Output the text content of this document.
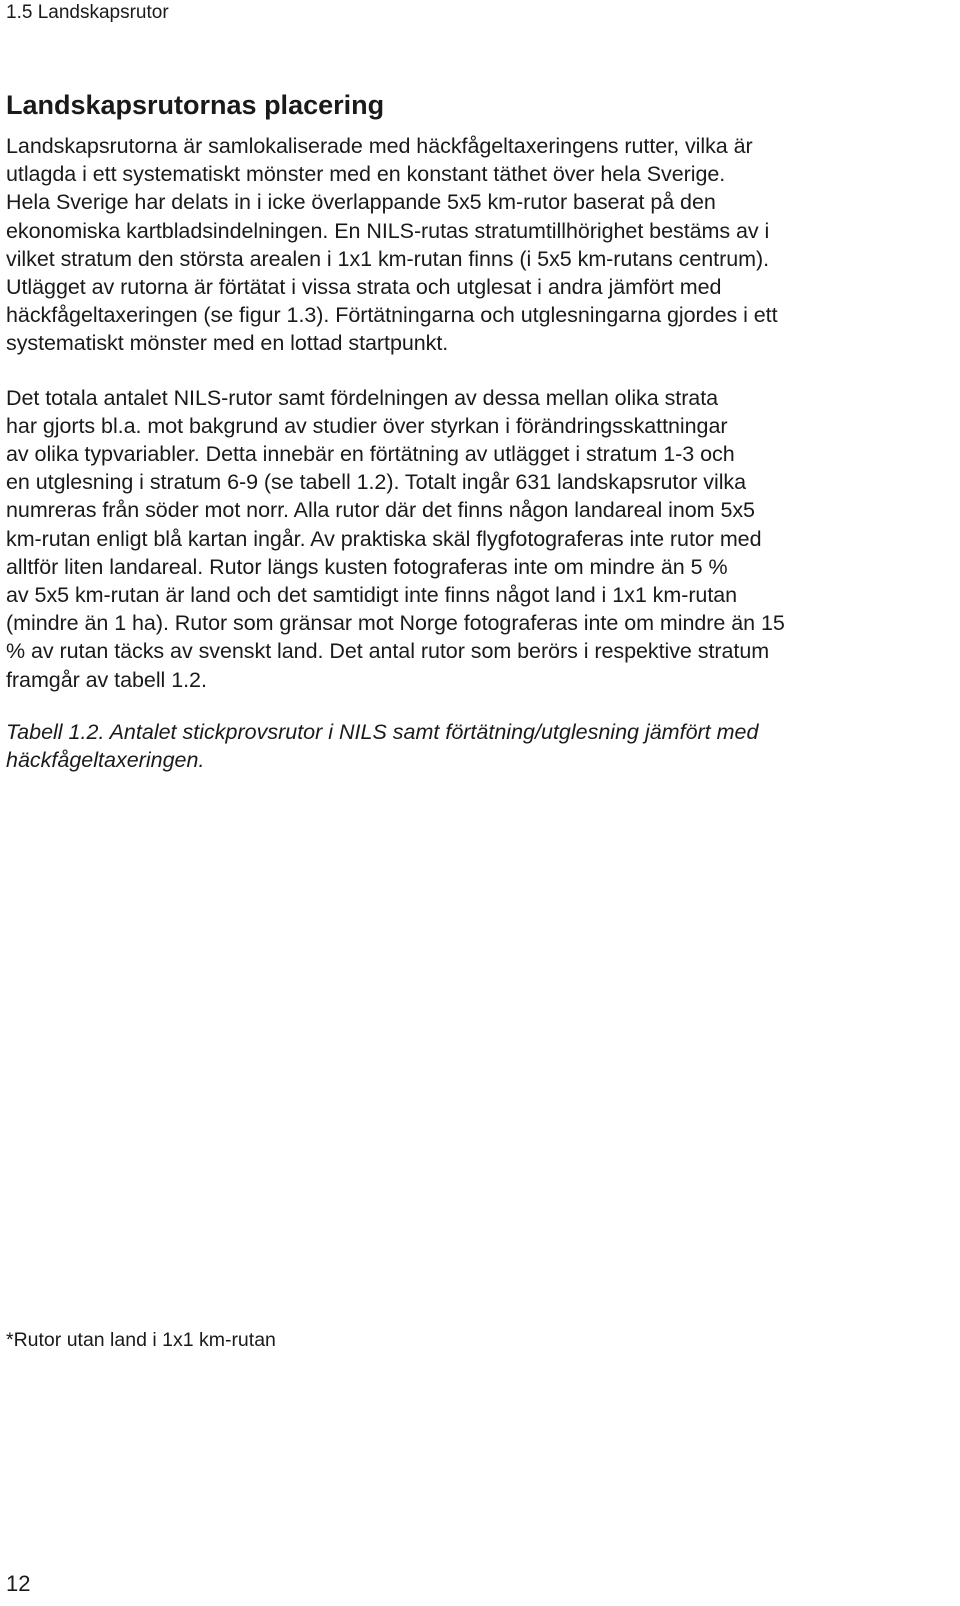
1.5 Landskapsrutor
Landskapsrutornas placering

Landskapsrutorna är samlokaliserade med häckfågeltaxeringens rutter, vilka är
utlagda i ett systematiskt mönster med en konstant täthet över hela Sverige.
Hela Sverige har delats in i icke överlappande 5x5 km-rutor baserat på den
ekonomiska kartbladsindelningen. En NILS-rutas stratumtillhörighet bestäms av i
vilket stratum den största arealen i 1x1 km-rutan finns (i 5x5 km-rutans centrum).
Utlägget av rutorna är förtätat i vissa strata och utglesat i andra jämfört med
häckfågeltaxeringen (se figur 1.3). Förtätningarna och utglesningarna gjordes i ett
systematiskt mönster med en lottad startpunkt.

Det totala antalet NILS-rutor samt fördelningen av dessa mellan olika strata
har gjorts bl.a. mot bakgrund av studier över styrkan i förändringsskattningar
av olika typvariabler. Detta innebär en förtätning av utlägget i stratum 1-3 och
en utglesning i stratum 6-9 (se tabell 1.2). Totalt ingår 631 landskapsrutor vilka
numreras från söder mot norr. Alla rutor där det finns någon landareal inom 5x5
km-rutan enligt blå kartan ingår. Av praktiska skäl flygfotograferas inte rutor med
alltför liten landareal. Rutor längs kusten fotograferas inte om mindre än 5 %
av 5x5 km-rutan är land och det samtidigt inte finns något land i 1x1 km-rutan
(mindre än 1 ha). Rutor som gränsar mot Norge fotograferas inte om mindre än 15
% av rutan täcks av svenskt land. Det antal rutor som berörs i respektive stratum
framgår av tabell 1.2.

Tabell 1.2. Antalet stickprovsrutor i NILS samt förtätning/utglesning jämfört med
häckfågeltaxeringen.

*Rutor utan land i 1x1 km-rutan
12
